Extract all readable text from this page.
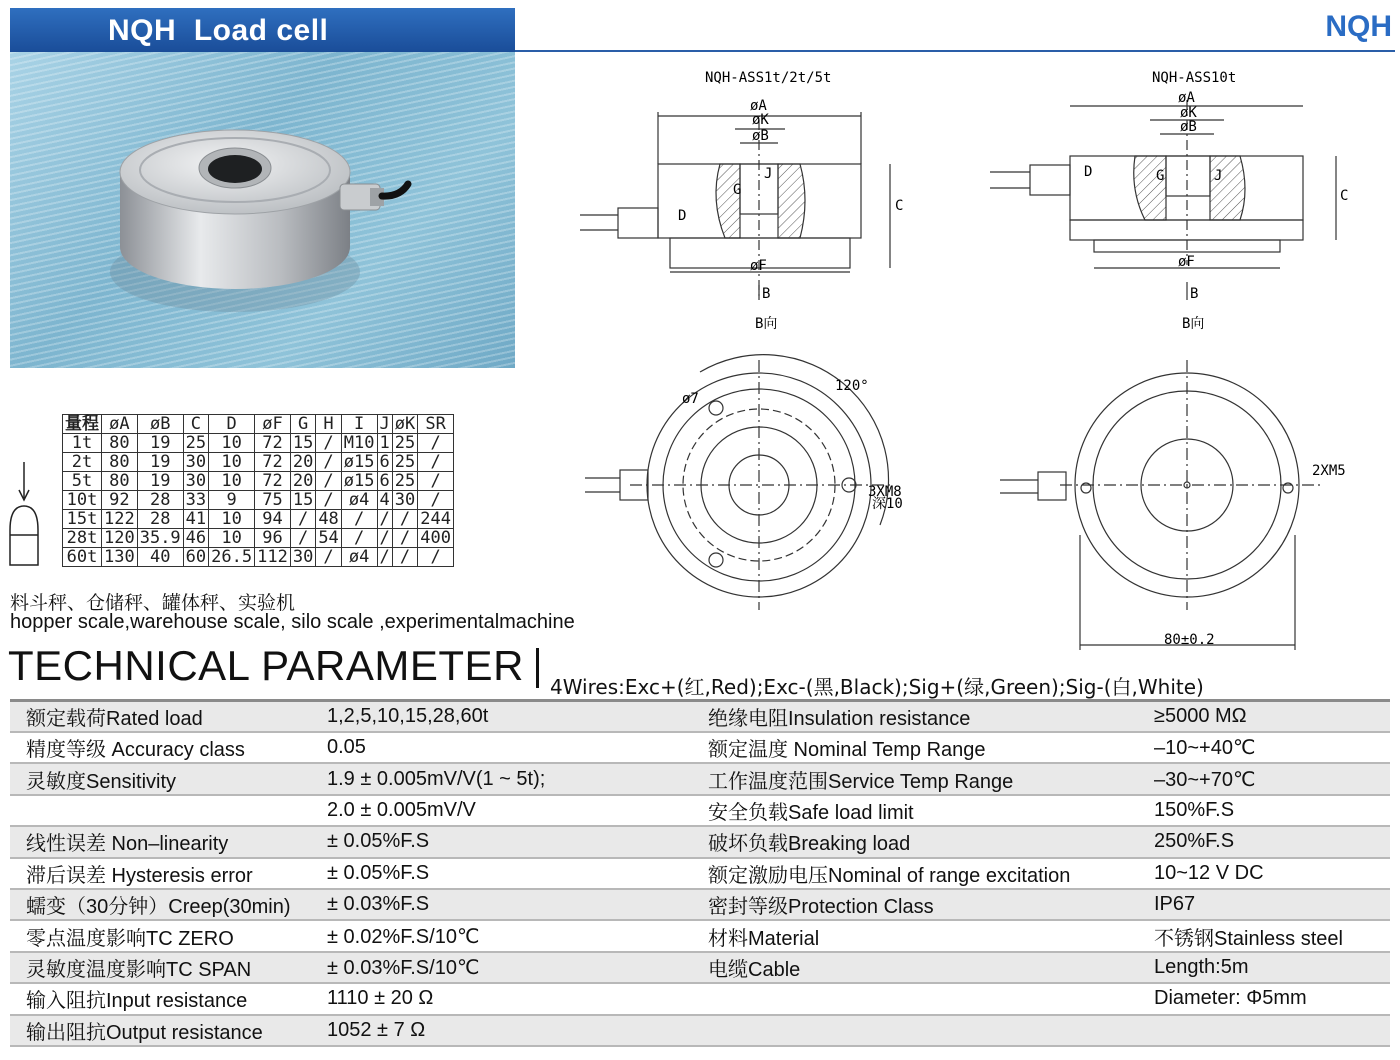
NQH  Load cell	NQH
NQH-ASS1t/2t/5t	NQH-ASS10t
øA
øK
øB
øF
C
øA
øK
øB
øF
C
D	G	J
G
J
D
B
B向
B
B向
120°
ø7
3XM8
深10
2XM5
80±0.2
量程	øA	øB	C	D	øF	G	H	I	J	øK	SR
1t	80	19	25	10	72	15	/	M10	1	25	/
2t	80	19	30	10	72	20	/	ø15	6	25	/
5t	80	19	30	10	72	20	/	ø15	6	25	/
10t	92	28	33	9	75	15	/	ø4	4	30	/
15t	122	28	41	10	94	/	48	/	/	/	244
28t	120	35.9	46	10	96	/	54	/	/	/	400
60t	130	40	60	26.5	112	30	/	ø4	/	/	/
料斗秤、仓储秤、罐体秤、实验机
hopper scale,warehouse scale, silo scale ,experimentalmachine
TECHNICAL PARAMETER 4Wires:Exc+(红,Red);Exc-(黑,Black);Sig+(绿,Green);Sig-(白,White)
额定载荷Rated load	1,2,5,10,15,28,60t	绝缘电阻Insulation resistance	≥5000 MΩ
精度等级 Accuracy class	0.05	额定温度 Nominal Temp Range	–10~+40℃
灵敏度Sensitivity	1.9 ± 0.005mV/V(1 ~ 5t);	工作温度范围Service Temp Range	–30~+70℃
	2.0 ± 0.005mV/V	安全负载Safe load limit	150%F.S
线性误差 Non–linearity	± 0.05%F.S	破坏负载Breaking load	250%F.S
滞后误差 Hysteresis error	± 0.05%F.S	额定激励电压Nominal of range excitation	10~12 V DC
蠕变（30分钟）Creep(30min)	± 0.03%F.S	密封等级Protection Class	IP67
零点温度影响TC ZERO	± 0.02%F.S/10℃	材料Material	不锈钢Stainless steel
灵敏度温度影响TC SPAN	± 0.03%F.S/10℃	电缆Cable	Length:5m
输入阻抗Input resistance	1110 ± 20 Ω		Diameter: Φ5mm
输出阻抗Output resistance	1052 ± 7 Ω		
